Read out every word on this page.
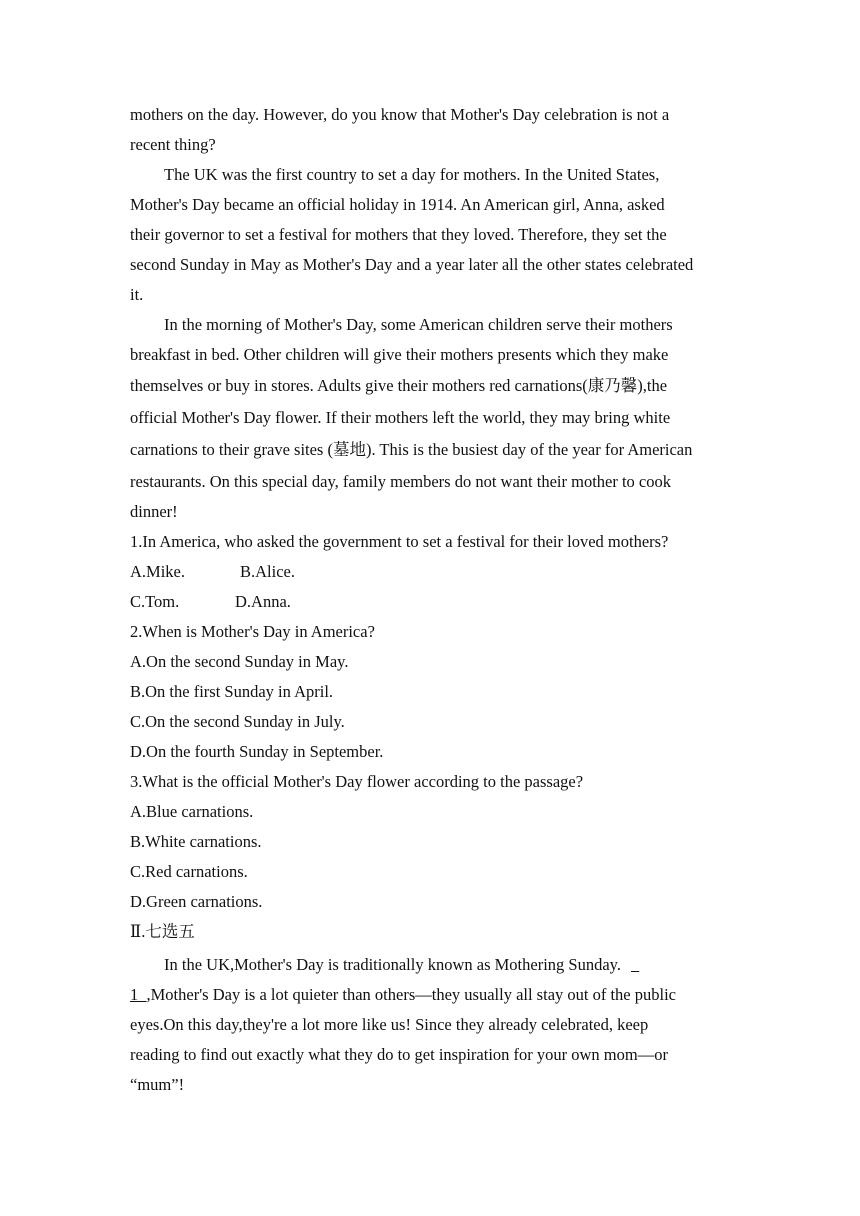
mothers on the day. However, do you know that Mother's Day celebration is not a
recent thing?
The UK was the first country to set a day for mothers. In the United States,
Mother's Day became an official holiday in 1914. An American girl, Anna, asked
their governor to set a festival for mothers that they loved. Therefore, they set the
second Sunday in May as Mother's Day and a year later all the other states celebrated
it.
In the morning of Mother's Day, some American children serve their mothers
breakfast in bed. Other children will give their mothers presents which they make
themselves or buy in stores. Adults give their mothers red carnations(康乃馨),the
official Mother's Day flower. If their mothers left the world, they may bring white
carnations to their grave sites (墓地). This is the busiest day of the year for American
restaurants. On this special day, family members do not want their mother to cook
dinner!
1.In America, who asked the government to set a festival for their loved mothers?
A.Mike.	B.Alice.
C.Tom.	D.Anna.
2.When is Mother's Day in America?
A.On the second Sunday in May.
B.On the first Sunday in April.
C.On the second Sunday in July.
D.On the fourth Sunday in September.
3.What is the official Mother's Day flower according to the passage?
A.Blue carnations.
B.White carnations.
C.Red carnations.
D.Green carnations.
Ⅱ.七选五
In the UK,Mother's Day is traditionally known as Mothering Sunday.
1  ,Mother's Day is a lot quieter than others—they usually all stay out of the public
eyes.On this day,they're a lot more like us! Since they already celebrated, keep
reading to find out exactly what they do to get inspiration for your own mom—or
“mum”!
